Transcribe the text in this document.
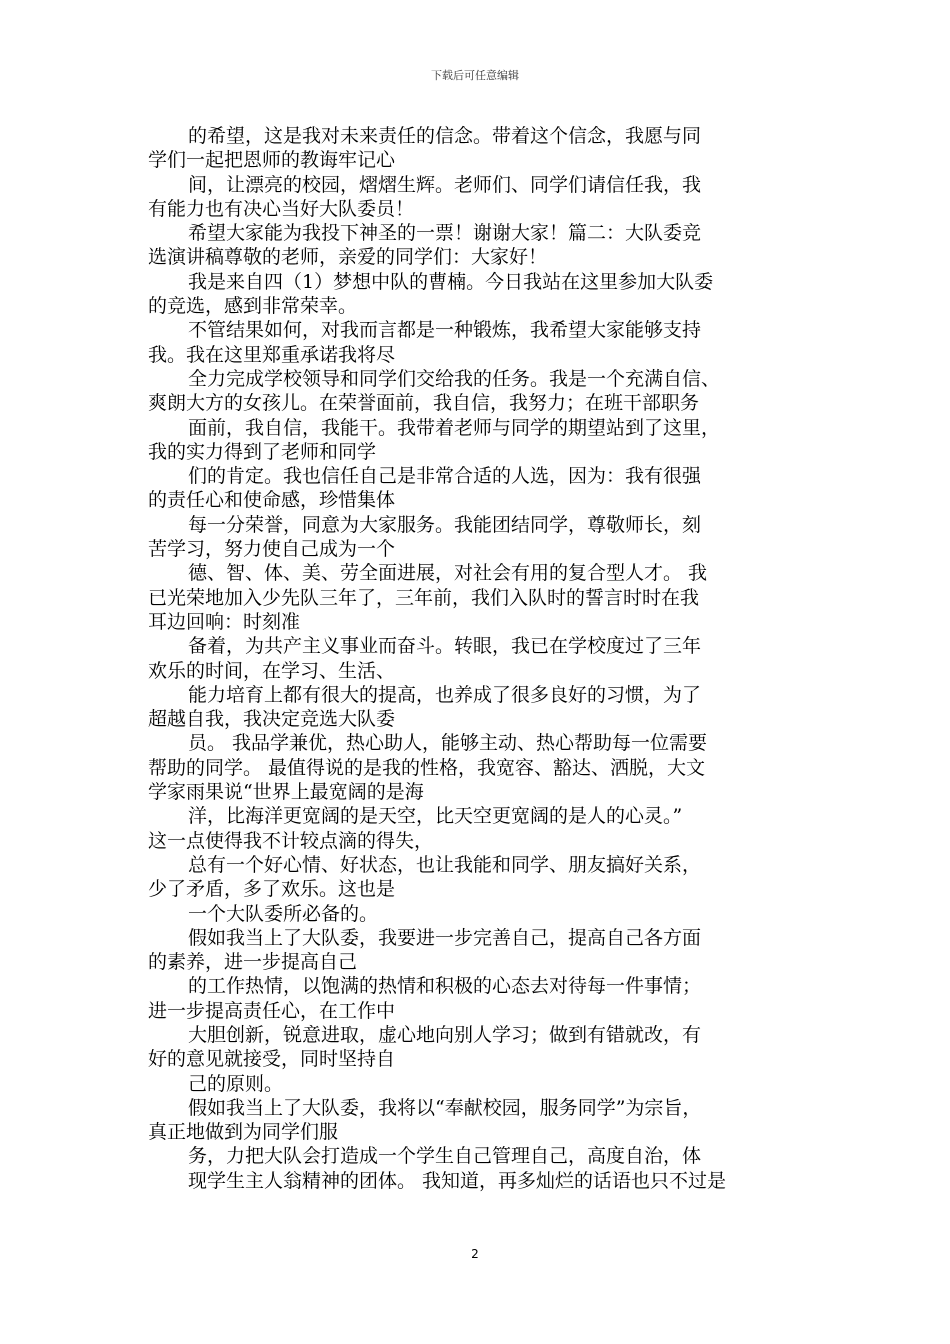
下载后可任意编辑
的希望，这是我对未来责任的信念。带着这个信念，我愿与同
学们一起把恩师的教诲牢记心
间，让漂亮的校园，熠熠生辉。老师们、同学们请信任我，我
有能力也有决心当好大队委员！
希望大家能为我投下神圣的一票！谢谢大家！篇二：大队委竞
选演讲稿尊敬的老师，亲爱的同学们：大家好！
我是来自四（1）梦想中队的曹楠。今日我站在这里参加大队委
的竞选，感到非常荣幸。
不管结果如何，对我而言都是一种锻炼，我希望大家能够支持
我。我在这里郑重承诺我将尽
全力完成学校领导和同学们交给我的任务。我是一个充满自信、
爽朗大方的女孩儿。在荣誉面前，我自信，我努力；在班干部职务
面前，我自信，我能干。我带着老师与同学的期望站到了这里，
我的实力得到了老师和同学
们的肯定。我也信任自己是非常合适的人选，因为：我有很强
的责任心和使命感，珍惜集体
每一分荣誉，同意为大家服务。我能团结同学，尊敬师长，刻
苦学习，努力使自己成为一个
德、智、体、美、劳全面进展，对社会有用的复合型人才。 我
已光荣地加入少先队三年了，三年前，我们入队时的誓言时时在我
耳边回响：时刻准
备着，为共产主义事业而奋斗。转眼，我已在学校度过了三年
欢乐的时间，在学习、生活、
能力培育上都有很大的提高，也养成了很多良好的习惯，为了
超越自我，我决定竞选大队委
员。 我品学兼优，热心助人，能够主动、热心帮助每一位需要
帮助的同学。 最值得说的是我的性格，我宽容、豁达、洒脱，大文
学家雨果说“世界上最宽阔的是海
洋，比海洋更宽阔的是天空，比天空更宽阔的是人的心灵。”
这一点使得我不计较点滴的得失，
总有一个好心情、好状态，也让我能和同学、朋友搞好关系，
少了矛盾，多了欢乐。这也是
一个大队委所必备的。
假如我当上了大队委，我要进一步完善自己，提高自己各方面
的素养，进一步提高自己
的工作热情，以饱满的热情和积极的心态去对待每一件事情；
进一步提高责任心，在工作中
大胆创新，锐意进取，虚心地向别人学习；做到有错就改，有
好的意见就接受，同时坚持自
己的原则。
假如我当上了大队委，我将以“奉献校园，服务同学”为宗旨，
真正地做到为同学们服
务，力把大队会打造成一个学生自己管理自己，高度自治，体
现学生主人翁精神的团体。 我知道，再多灿烂的话语也只不过是
2
